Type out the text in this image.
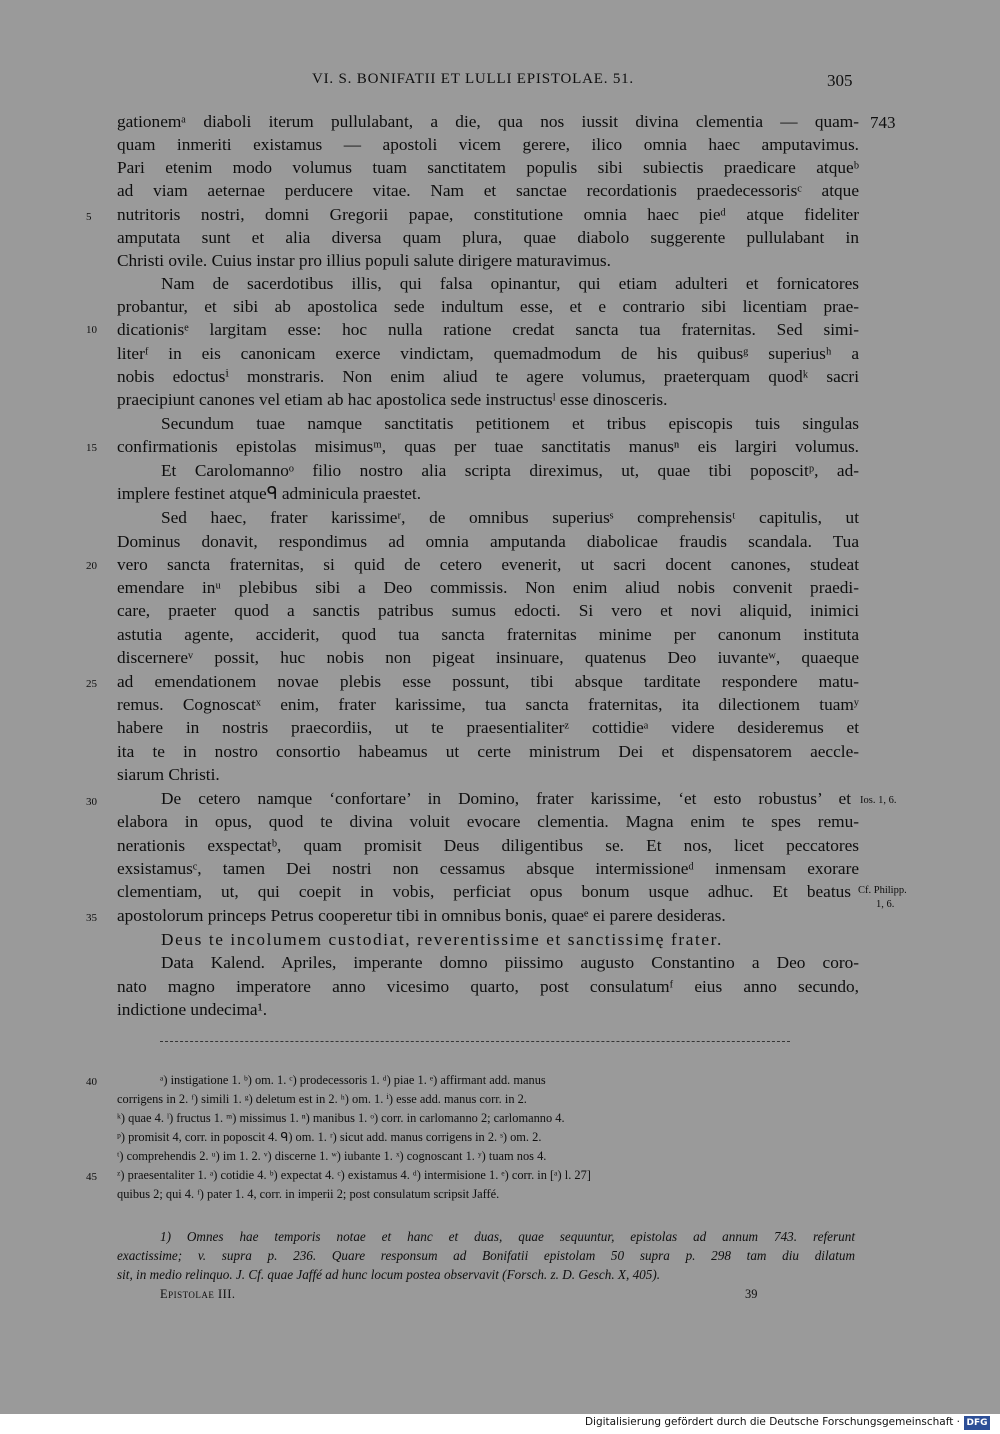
VI. S. BONIFATII ET LULLI EPISTOLAE. 51.	305
743
Ios. 1, 6.
Cf. Philipp.
1, 6.
5
10
15
20
25
30
35
gationemᵃ diaboli iterum pullulabant, a die, qua nos iussit divina clementia — quam-
quam inmeriti existamus — apostoli vicem gerere, ilico omnia haec amputavimus.
Pari etenim modo volumus tuam sanctitatem populis sibi subiectis praedicare atqueᵇ
ad viam aeternae perducere vitae. Nam et sanctae recordationis praedecessorisᶜ atque
nutritoris nostri, domni Gregorii papae, constitutione omnia haec pieᵈ atque fideliter
amputata sunt et alia diversa quam plura, quae diabolo suggerente pullulabant in
Christi ovile. Cuius instar pro illius populi salute dirigere maturavimus.
Nam de sacerdotibus illis, qui falsa opinantur, qui etiam adulteri et fornicatores
probantur, et sibi ab apostolica sede indultum esse, et e contrario sibi licentiam prae-
dicationisᵉ largitam esse: hoc nulla ratione credat sancta tua fraternitas. Sed simi-
literᶠ in eis canonicam exerce vindictam, quemadmodum de his quibusᵍ superiusʰ a
nobis edoctusⁱ monstraris. Non enim aliud te agere volumus, praeterquam quodᵏ sacri
praecipiunt canones vel etiam ab hac apostolica sede instructusˡ esse dinosceris.
Secundum tuae namque sanctitatis petitionem et tribus episcopis tuis singulas
confirmationis epistolas misimusᵐ, quas per tuae sanctitatis manusⁿ eis largiri volumus.
Et Carolomannoᵒ filio nostro alia scripta direximus, ut, quae tibi poposcitᵖ, ad-
implere festinet atqueᑫ adminicula praestet.
Sed haec, frater karissimeʳ, de omnibus superiusˢ comprehensisᵗ capitulis, ut
Dominus donavit, respondimus ad omnia amputanda diabolicae fraudis scandala. Tua
vero sancta fraternitas, si quid de cetero evenerit, ut sacri docent canones, studeat
emendare inᵘ plebibus sibi a Deo commissis. Non enim aliud nobis convenit praedi-
care, praeter quod a sanctis patribus sumus edocti. Si vero et novi aliquid, inimici
astutia agente, acciderit, quod tua sancta fraternitas minime per canonum instituta
discernereᵛ possit, huc nobis non pigeat insinuare, quatenus Deo iuvanteʷ, quaeque
ad emendationem novae plebis esse possunt, tibi absque tarditate respondere matu-
remus. Cognoscatˣ enim, frater karissime, tua sancta fraternitas, ita dilectionem tuamʸ
habere in nostris praecordiis, ut te praesentialiterᶻ cottidieᵃ videre desideremus et
ita te in nostro consortio habeamus ut certe ministrum Dei et dispensatorem aeccle-
siarum Christi.
De cetero namque ‘confortare’ in Domino, frater karissime, ‘et esto robustus’ et
elabora in opus, quod te divina voluit evocare clementia. Magna enim te spes remu-
nerationis exspectatᵇ, quam promisit Deus diligentibus se. Et nos, licet peccatores
exsistamusᶜ, tamen Dei nostri non cessamus absque intermissioneᵈ inmensam exorare
clementiam, ut, qui coepit in vobis, perficiat opus bonum usque adhuc. Et beatus
apostolorum princeps Petrus cooperetur tibi in omnibus bonis, quaeᵉ ei parere desideras.
Deus te incolumem custodiat, reverentissime et sanctissimę frater.
Data Kalend. Apriles, imperante domno piissimo augusto Constantino a Deo coro-
nato magno imperatore anno vicesimo quarto, post consulatumᶠ eius anno secundo,
indictione undecima¹.
40
45
ᵃ) instigatione 1. ᵇ) om. 1. ᶜ) prodecessoris 1. ᵈ) piae 1. ᵉ) affirmant add. manus
corrigens in 2. ᶠ) simili 1. ᵍ) deletum est in 2. ʰ) om. 1. ⁱ) esse add. manus corr. in 2.
ᵏ) quae 4. ˡ) fructus 1. ᵐ) missimus 1. ⁿ) manibus 1. ᵒ) corr. in carlomanno 2; carlomanno 4.
ᵖ) promisit 4, corr. in poposcit 4. ᑫ) om. 1. ʳ) sicut add. manus corrigens in 2. ˢ) om. 2.
ᵗ) comprehendis 2. ᵘ) im 1. 2. ᵛ) discerne 1. ʷ) iubante 1. ˣ) cognoscant 1. ʸ) tuam nos 4.
ᶻ) praesentaliter 1. ᵃ) cotidie 4. ᵇ) expectat 4. ᶜ) existamus 4. ᵈ) intermisione 1. ᵉ) corr. in [ᵃ) l. 27]
quibus 2; qui 4. ᶠ) pater 1. 4, corr. in imperii 2; post consulatum scripsit Jaffé.
1) Omnes hae temporis notae et hanc et duas, quae sequuntur, epistolas ad annum 743. referunt
exactissime; v. supra p. 236. Quare responsum ad Bonifatii epistolam 50 supra p. 298 tam diu dilatum
sit, in medio relinquo. J. Cf. quae Jaffé ad hunc locum postea observavit (Forsch. z. D. Gesch. X, 405).
Epistolae III.	39
Digitalisierung gefördert durch die Deutsche Forschungsgemeinschaft · DFG
